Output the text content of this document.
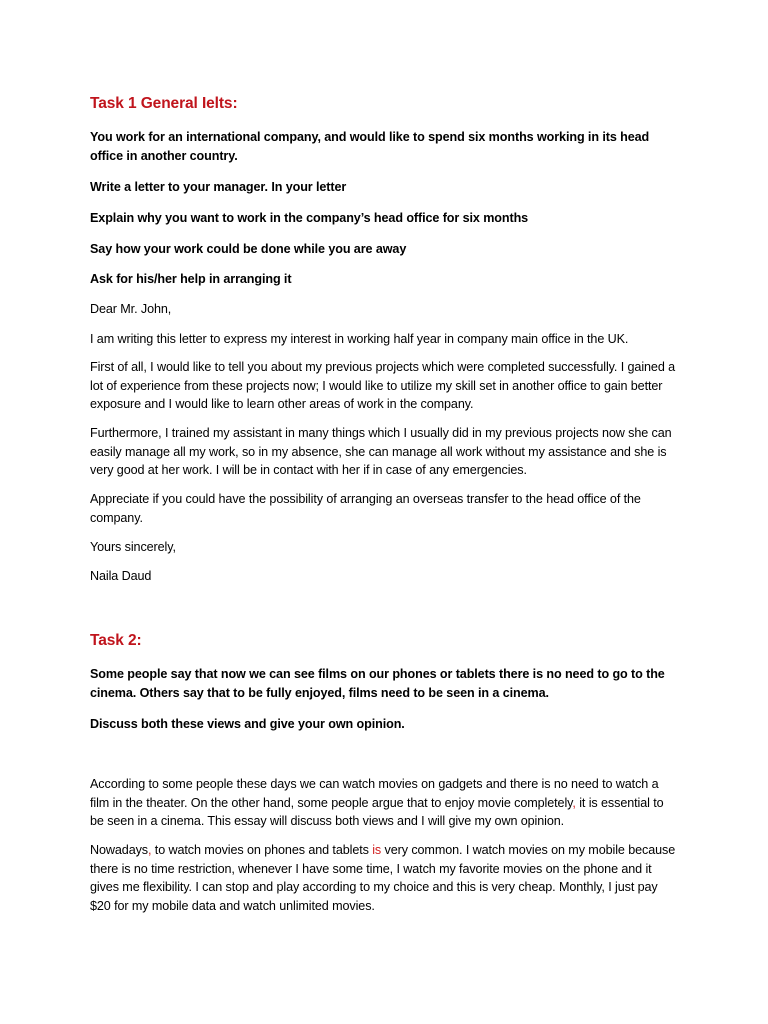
Task 1 General Ielts:

You work for an international company, and would like to spend six months working in its head office in another country.

Write a letter to your manager. In your letter

Explain why you want to work in the company’s head office for six months

Say how your work could be done while you are away

Ask for his/her help in arranging it

Dear Mr. John,

I am writing this letter to express my interest in working half year in company main office in the UK.

First of all, I would like to tell you about my previous projects which were completed successfully. I gained a lot of experience from these projects now; I would like to utilize my skill set in another office to gain better exposure and I would like to learn other areas of work in the company.

Furthermore, I trained my assistant in many things which I usually did in my previous projects now she can easily manage all my work, so in my absence, she can manage all work without my assistance and she is very good at her work. I will be in contact with her if in case of any emergencies.

Appreciate if you could have the possibility of arranging an overseas transfer to the head office of the company.

Yours sincerely,

Naila Daud

Task 2:

Some people say that now we can see films on our phones or tablets there is no need to go to the cinema. Others say that to be fully enjoyed, films need to be seen in a cinema.

Discuss both these views and give your own opinion.

According to some people these days we can watch movies on gadgets and there is no need to watch a film in the theater. On the other hand, some people argue that to enjoy movie completely, it is essential to be seen in a cinema. This essay will discuss both views and I will give my own opinion.

Nowadays, to watch movies on phones and tablets is very common. I watch movies on my mobile because there is no time restriction, whenever I have some time, I watch my favorite movies on the phone and it gives me flexibility. I can stop and play according to my choice and this is very cheap. Monthly, I just pay $20 for my mobile data and watch unlimited movies.
